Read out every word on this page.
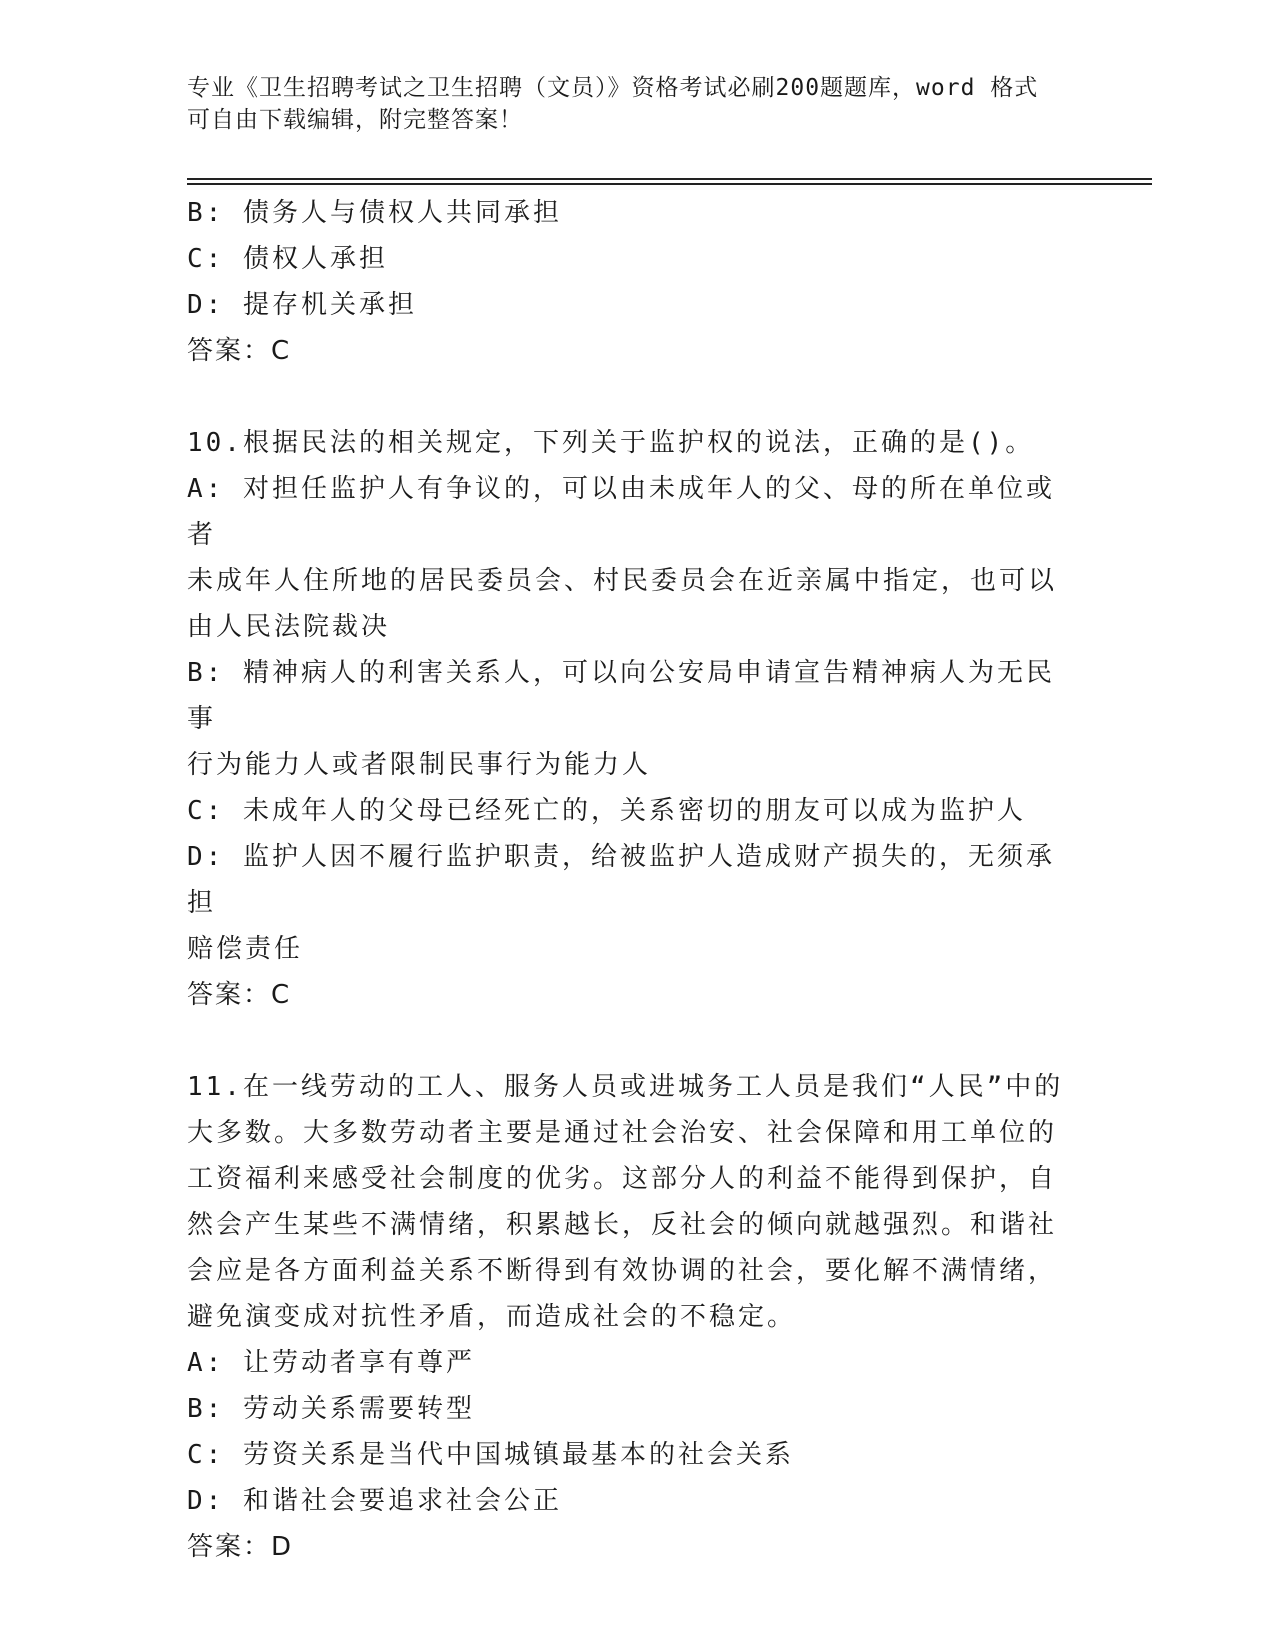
专业《卫生招聘考试之卫生招聘（文员）》资格考试必刷200题题库，word 格式
可自由下载编辑，附完整答案！
B: 债务人与债权人共同承担
C: 债权人承担
D: 提存机关承担
答案：C
10.根据民法的相关规定，下列关于监护权的说法，正确的是()。
A: 对担任监护人有争议的，可以由未成年人的父、母的所在单位或者
未成年人住所地的居民委员会、村民委员会在近亲属中指定，也可以
由人民法院裁决
B: 精神病人的利害关系人，可以向公安局申请宣告精神病人为无民事
行为能力人或者限制民事行为能力人
C: 未成年人的父母已经死亡的，关系密切的朋友可以成为监护人
D: 监护人因不履行监护职责，给被监护人造成财产损失的，无须承担
赔偿责任
答案：C
11.在一线劳动的工人、服务人员或进城务工人员是我们“人民”中的
大多数。大多数劳动者主要是通过社会治安、社会保障和用工单位的
工资福利来感受社会制度的优劣。这部分人的利益不能得到保护，自
然会产生某些不满情绪，积累越长，反社会的倾向就越强烈。和谐社
会应是各方面利益关系不断得到有效协调的社会，要化解不满情绪，
避免演变成对抗性矛盾，而造成社会的不稳定。
A: 让劳动者享有尊严
B: 劳动关系需要转型
C: 劳资关系是当代中国城镇最基本的社会关系
D: 和谐社会要追求社会公正
答案：D
